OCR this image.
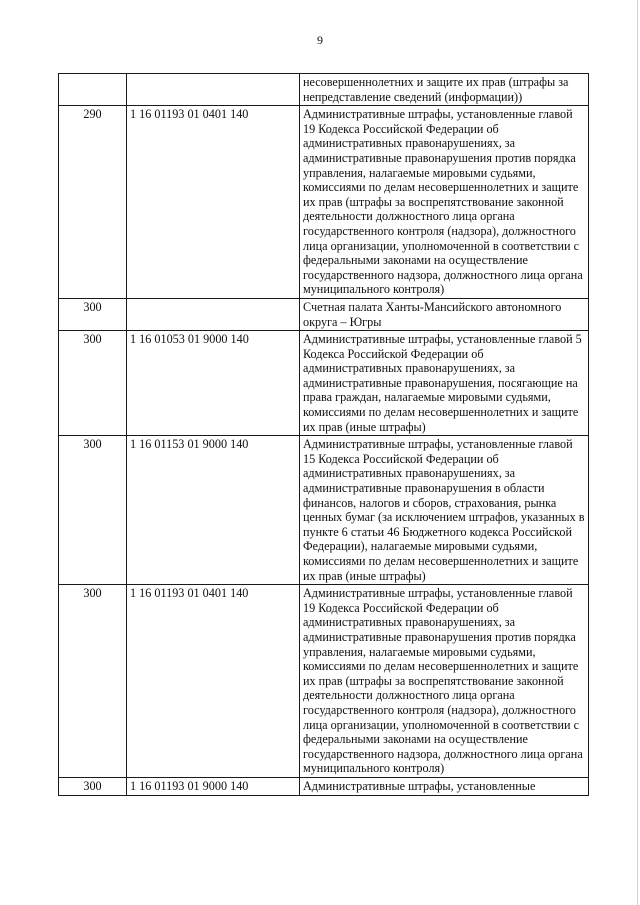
9
		несовершеннолетних и защите их прав (штрафы за непредставление сведений (информации))
290	1 16 01193 01 0401 140	Административные штрафы, установленные главой 19 Кодекса Российской Федерации об административных правонарушениях, за административные правонарушения против порядка управления, налагаемые мировыми судьями, комиссиями по делам несовершеннолетних и защите их прав (штрафы за воспрепятствование законной деятельности должностного лица органа государственного контроля (надзора), должностного лица организации, уполномоченной в соответствии с федеральными законами на осуществление государственного надзора, должностного лица органа муниципального контроля)
300		Счетная палата Ханты-Мансийского автономного округа – Югры
300	1 16 01053 01 9000 140	Административные штрафы, установленные главой 5 Кодекса Российской Федерации об административных правонарушениях, за административные правонарушения, посягающие на права граждан, налагаемые мировыми судьями, комиссиями по делам несовершеннолетних и защите их прав (иные штрафы)
300	1 16 01153 01 9000 140	Административные штрафы, установленные главой 15 Кодекса Российской Федерации об административных правонарушениях, за административные правонарушения в области финансов, налогов и сборов, страхования, рынка ценных бумаг (за исключением штрафов, указанных в пункте 6 статьи 46 Бюджетного кодекса Российской Федерации), налагаемые мировыми судьями, комиссиями по делам несовершеннолетних и защите их прав (иные штрафы)
300	1 16 01193 01 0401 140	Административные штрафы, установленные главой 19 Кодекса Российской Федерации об административных правонарушениях, за административные правонарушения против порядка управления, налагаемые мировыми судьями, комиссиями по делам несовершеннолетних и защите их прав (штрафы за воспрепятствование законной деятельности должностного лица органа государственного контроля (надзора), должностного лица организации, уполномоченной в соответствии с федеральными законами на осуществление государственного надзора, должностного лица органа муниципального контроля)
300	1 16 01193 01 9000 140	Административные штрафы, установленные
